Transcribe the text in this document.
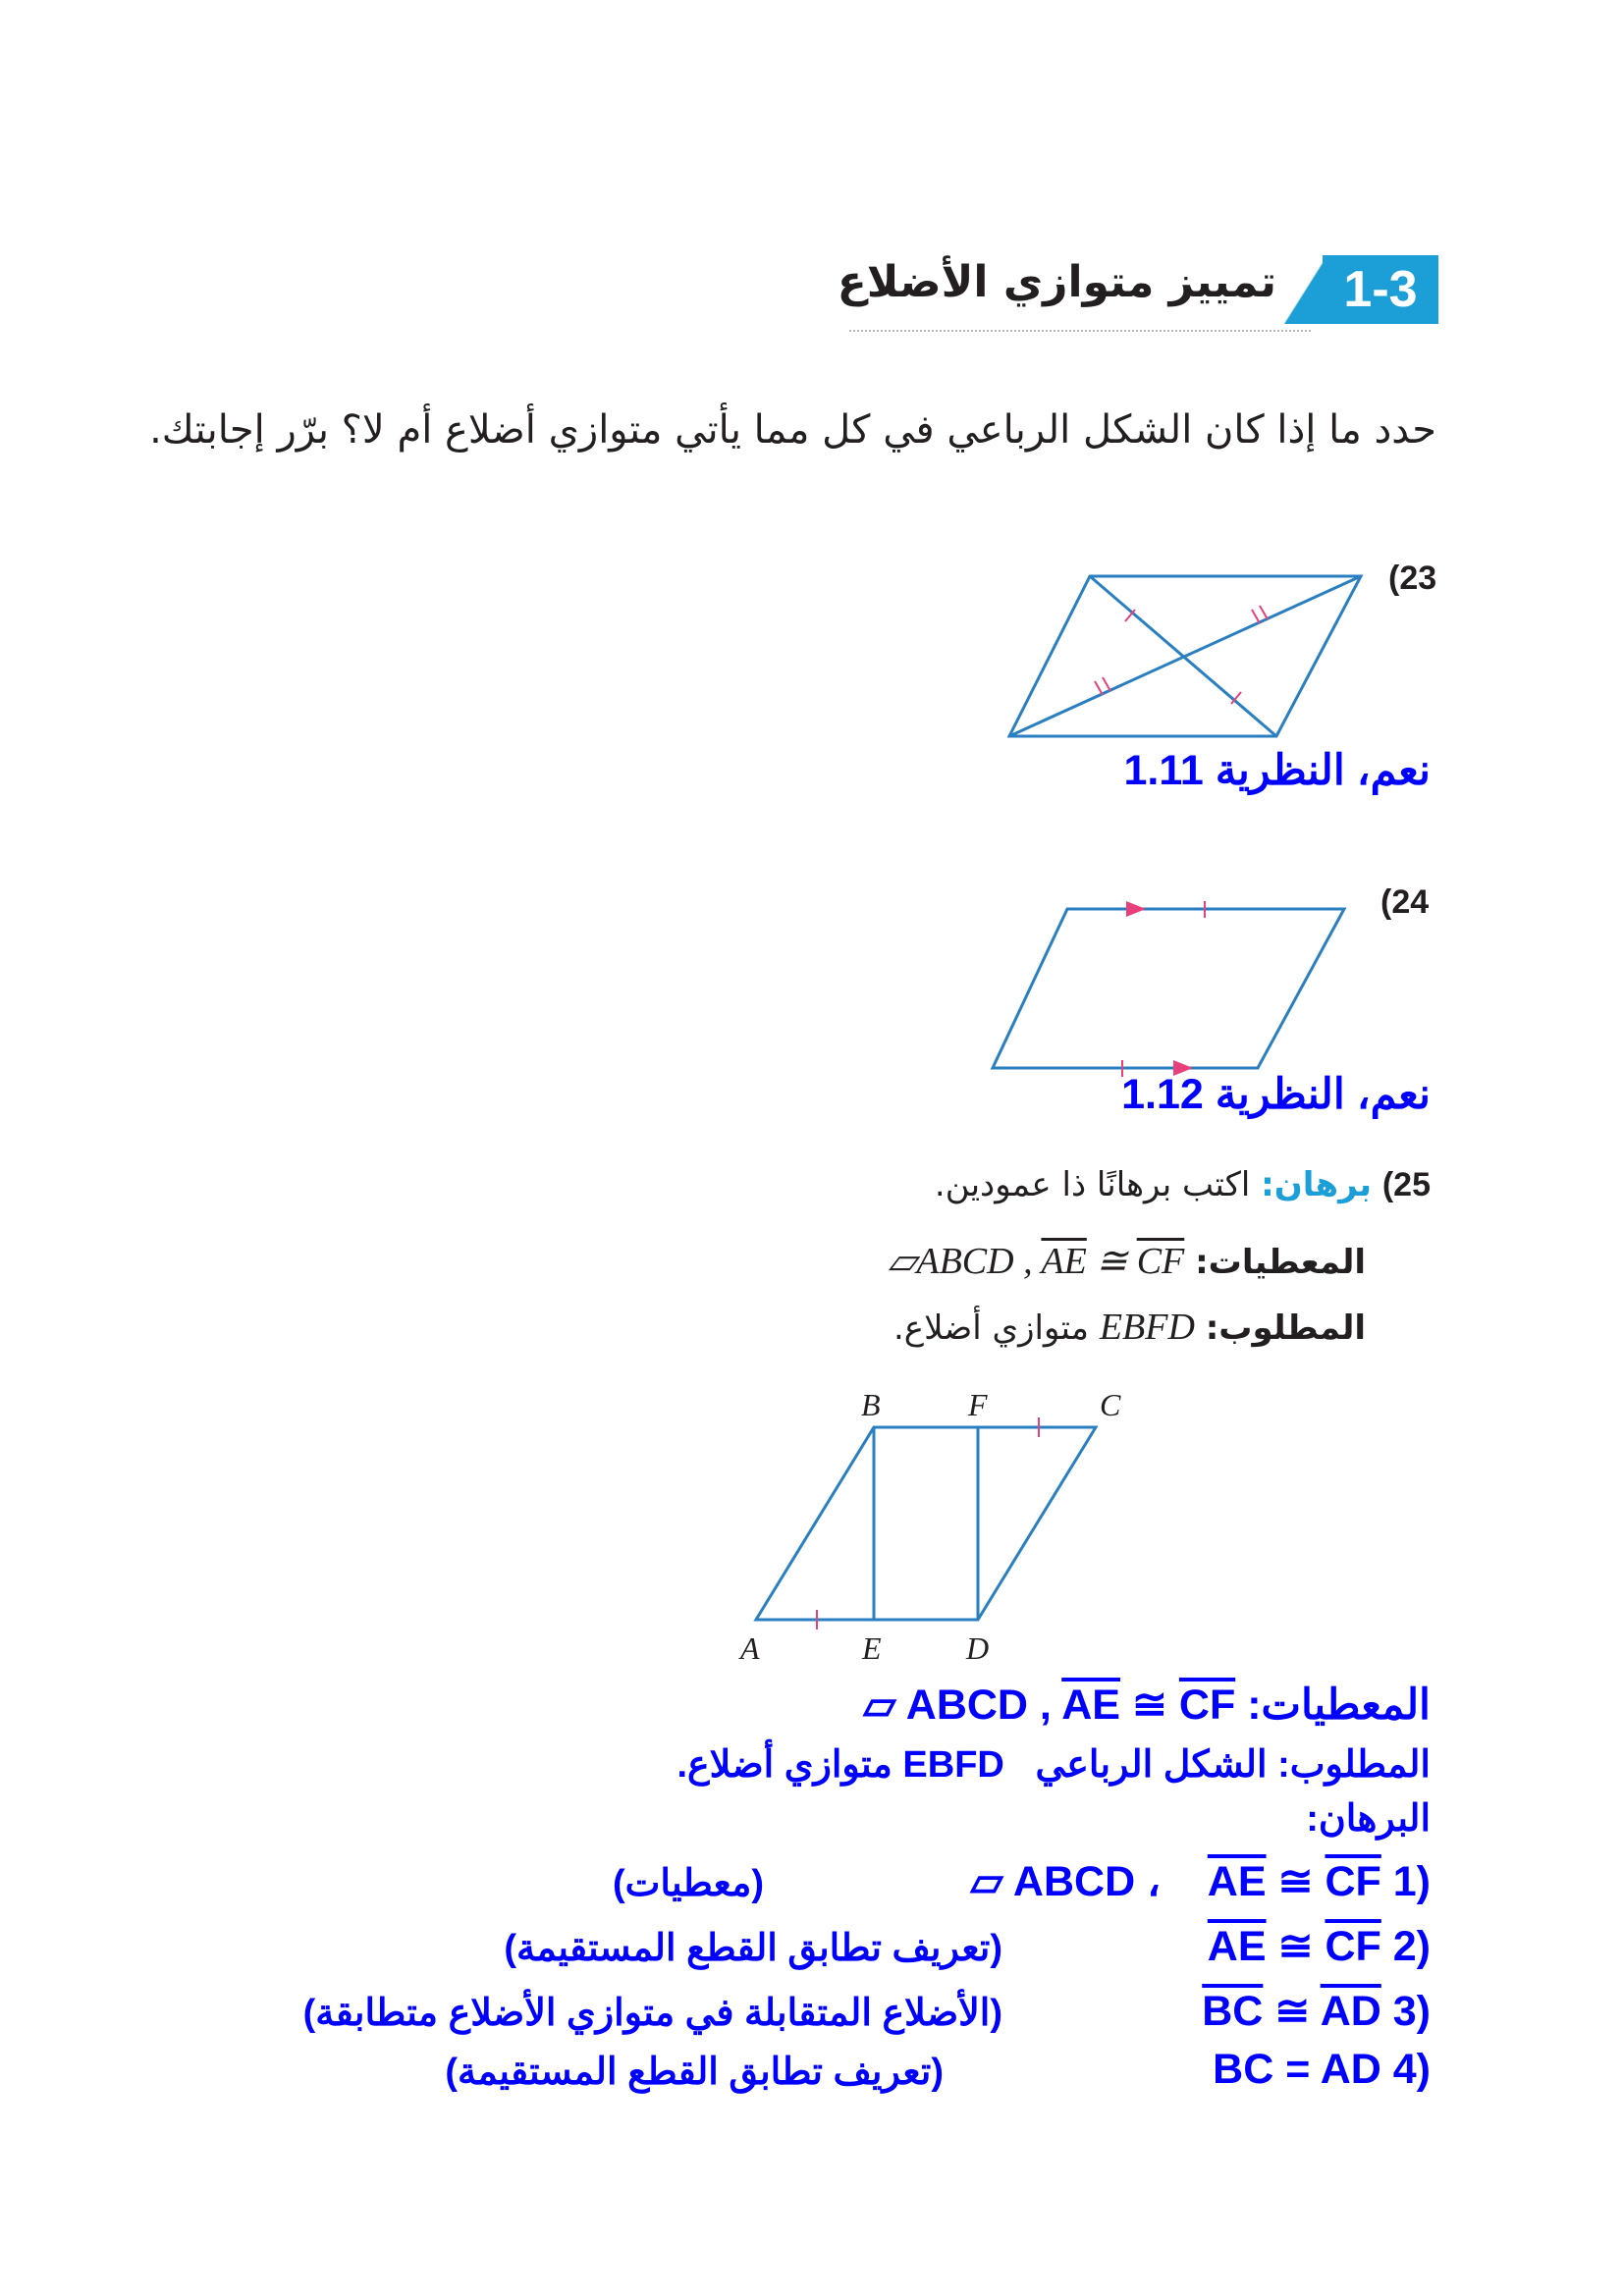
1-3
تمييز متوازي الأضلاع
حدد ما إذا كان الشكل الرباعي في كل مما يأتي متوازي أضلاع أم لا؟ برّر إجابتك.
(23
نعم، النظرية 1.11
(24
نعم، النظرية 1.12
25) برهان: اكتب برهانًا ذا عمودين.
المعطيات: ▱ABCD , $\overline{AE}$ ≅ $\overline{CF}$
المطلوب: EBFD متوازي أضلاع.
B	F	C
A	E	D
المعطيات: ▱ ABCD , $\overline{AE}$ ≅ $\overline{CF}$
المطلوب: الشكل الرباعي   EBFD متوازي أضلاع.
البرهان:
(1 $\overline{AE}$ ≅ $\overline{CF}$    ، ▱ ABCD
(معطيات)
(2 $\overline{AE}$ ≅ $\overline{CF}$
(تعريف تطابق القطع المستقيمة)
(3 $\overline{BC}$ ≅ $\overline{AD}$
(الأضلاع المتقابلة في متوازي الأضلاع متطابقة)
(4 BC = AD
(تعريف تطابق القطع المستقيمة)
